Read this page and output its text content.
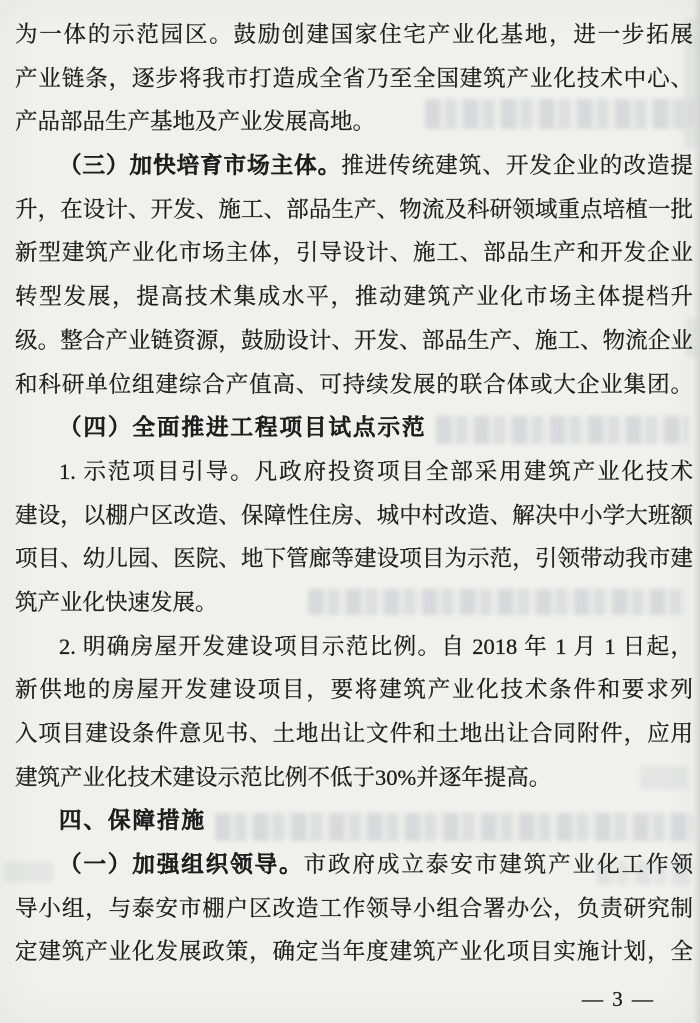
为一体的示范园区。鼓励创建国家住宅产业化基地，进一步拓展
产业链条，逐步将我市打造成全省乃至全国建筑产业化技术中心、
产品部品生产基地及产业发展高地。
（三）加快培育市场主体。推进传统建筑、开发企业的改造提
升，在设计、开发、施工、部品生产、物流及科研领域重点培植一批
新型建筑产业化市场主体，引导设计、施工、部品生产和开发企业
转型发展，提高技术集成水平，推动建筑产业化市场主体提档升
级。整合产业链资源，鼓励设计、开发、部品生产、施工、物流企业
和科研单位组建综合产值高、可持续发展的联合体或大企业集团。
（四）全面推进工程项目试点示范
1. 示范项目引导。凡政府投资项目全部采用建筑产业化技术
建设，以棚户区改造、保障性住房、城中村改造、解决中小学大班额
项目、幼儿园、医院、地下管廊等建设项目为示范，引领带动我市建
筑产业化快速发展。
2. 明确房屋开发建设项目示范比例。自 2018 年 1 月 1 日起，
新供地的房屋开发建设项目，要将建筑产业化技术条件和要求列
入项目建设条件意见书、土地出让文件和土地出让合同附件，应用
建筑产业化技术建设示范比例不低于30%并逐年提高。
四、保障措施
（一）加强组织领导。市政府成立泰安市建筑产业化工作领
导小组，与泰安市棚户区改造工作领导小组合署办公，负责研究制
定建筑产业化发展政策，确定当年度建筑产业化项目实施计划，全
— 3 —
